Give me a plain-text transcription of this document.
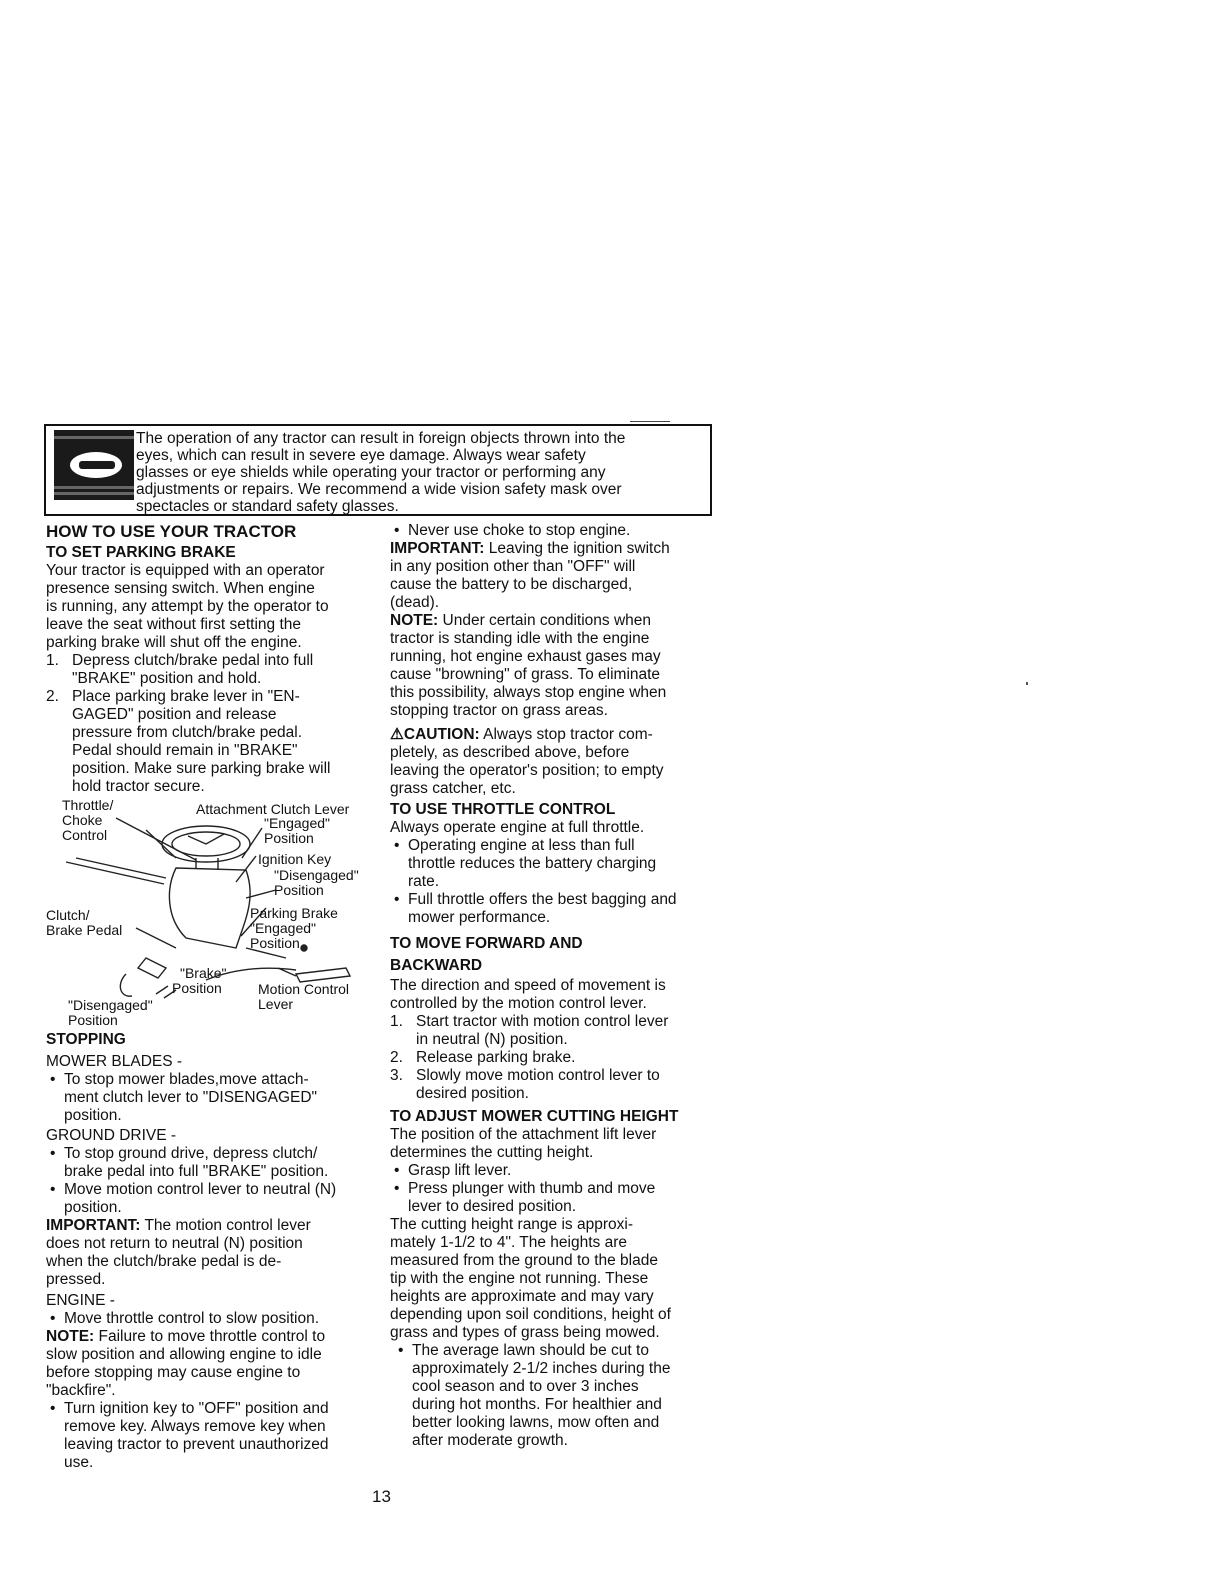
The operation of any tractor can result in foreign objects thrown into the
eyes, which can result in severe eye damage. Always wear safety
glasses or eye shields while operating your tractor or performing any
adjustments or repairs. We recommend a wide vision safety mask over
spectacles or standard safety glasses.
HOW TO USE YOUR TRACTOR
TO SET PARKING BRAKE
Your tractor is equipped with an operator
presence sensing switch. When engine
is running, any attempt by the operator to
leave the seat without first setting the
parking brake will shut off the engine.
1. Depress clutch/brake pedal into full
"BRAKE" position and hold.
2. Place parking brake lever in "EN-
GAGED" position and release
pressure from clutch/brake pedal.
Pedal should remain in "BRAKE"
position. Make sure parking brake will
hold tractor secure.
Throttle/
Choke
Control
Attachment Clutch Lever
"Engaged"
Position
Ignition Key
"Disengaged"
Position
Clutch/
Brake Pedal
Parking Brake
"Engaged"
Position
"Brake"
Position	Motion Control
Lever
"Disengaged"
Position
STOPPING
MOWER BLADES -
• To stop mower blades,move attach-
ment clutch lever to "DISENGAGED"
position.
GROUND DRIVE -
• To stop ground drive, depress clutch/
brake pedal into full "BRAKE" position.
• Move motion control lever to neutral (N)
position.
IMPORTANT: The motion control lever
does not return to neutral (N) position
when the clutch/brake pedal is de-
pressed.
ENGINE -
• Move throttle control to slow position.
NOTE: Failure to move throttle control to
slow position and allowing engine to idle
before stopping may cause engine to
"backfire".
• Turn ignition key to "OFF" position and
remove key. Always remove key when
leaving tractor to prevent unauthorized
use.
• Never use choke to stop engine.
IMPORTANT: Leaving the ignition switch
in any position other than "OFF" will
cause the battery to be discharged,
(dead).
NOTE: Under certain conditions when
tractor is standing idle with the engine
running, hot engine exhaust gases may
cause "browning" of grass. To eliminate
this possibility, always stop engine when
stopping tractor on grass areas.
⚠CAUTION: Always stop tractor com-
pletely, as described above, before
leaving the operator's position; to empty
grass catcher, etc.
TO USE THROTTLE CONTROL
Always operate engine at full throttle.
• Operating engine at less than full
throttle reduces the battery charging
rate.
• Full throttle offers the best bagging and
mower performance.
TO MOVE FORWARD AND
BACKWARD
The direction and speed of movement is
controlled by the motion control lever.
1. Start tractor with motion control lever
in neutral (N) position.
2. Release parking brake.
3. Slowly move motion control lever to
desired position.
TO ADJUST MOWER CUTTING HEIGHT
The position of the attachment lift lever
determines the cutting height.
• Grasp lift lever.
• Press plunger with thumb and move
lever to desired position.
The cutting height range is approxi-
mately 1-1/2 to 4". The heights are
measured from the ground to the blade
tip with the engine not running. These
heights are approximate and may vary
depending upon soil conditions, height of
grass and types of grass being mowed.
• The average lawn should be cut to
approximately 2-1/2 inches during the
cool season and to over 3 inches
during hot months. For healthier and
better looking lawns, mow often and
after moderate growth.
13
